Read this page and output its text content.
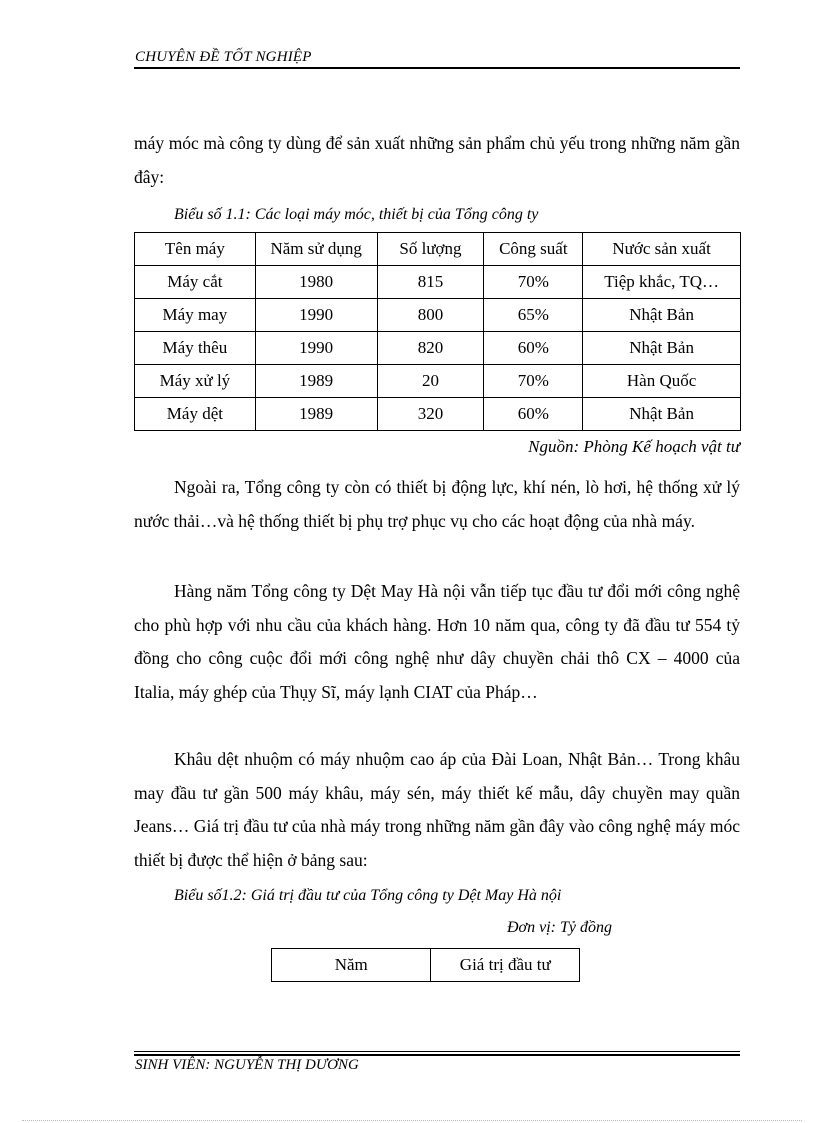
CHUYÊN ĐỀ TỐT NGHIỆP

máy móc mà công ty dùng để sản xuất những sản phẩm chủ yếu trong những năm gần đây:

Biểu số 1.1: Các loại máy móc, thiết bị của Tổng công ty
Tên máy	Năm sử dụng	Số lượng	Công suất	Nước sản xuất
Máy cắt	1980	815	70%	Tiệp khắc, TQ…
Máy may	1990	800	65%	Nhật Bản
Máy thêu	1990	820	60%	Nhật Bản
Máy xử lý	1989	20	70%	Hàn Quốc
Máy dệt	1989	320	60%	Nhật Bản
Nguồn: Phòng Kế hoạch vật tư

Ngoài ra, Tổng công ty còn có thiết bị động lực, khí nén, lò hơi, hệ thống xử lý nước thải…và hệ thống thiết bị phụ trợ phục vụ cho các hoạt động của nhà máy.

Hàng năm Tổng công ty Dệt May Hà nội vẫn tiếp tục đầu tư đổi mới công nghệ cho phù hợp với nhu cầu của khách hàng. Hơn 10 năm qua, công ty đã đầu tư 554 tỷ đồng cho công cuộc đổi mới công nghệ như dây chuyền chải thô CX – 4000 của Italia, máy ghép của Thụy Sĩ, máy lạnh CIAT của Pháp…

Khâu dệt nhuộm có máy nhuộm cao áp của Đài Loan, Nhật Bản… Trong khâu may đầu tư gần 500 máy khâu, máy sén, máy thiết kế mẫu, dây chuyền may quần Jeans… Giá trị đầu tư của nhà máy trong những năm gần đây vào công nghệ máy móc thiết bị được thể hiện ở bảng sau:

Biểu số1.2: Giá trị đầu tư của Tổng công ty Dệt May Hà nội
Đơn vị: Tỷ đồng
Năm	Giá trị đầu tư
SINH VIÊN: NGUYỄN THỊ DƯƠNG
